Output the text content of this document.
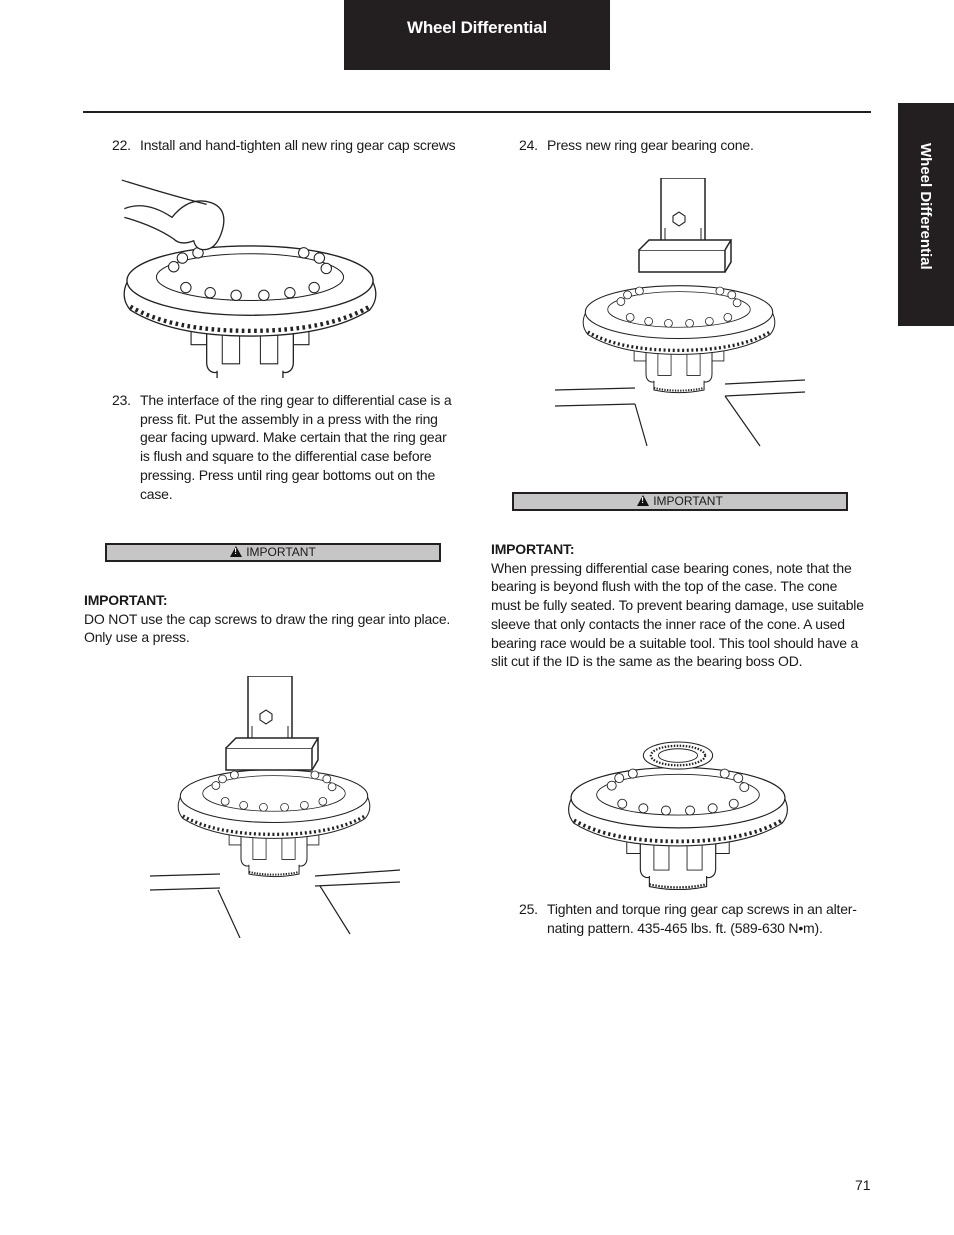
Wheel Differential
Wheel Differential
22. Install and hand-tighten all new ring gear cap screws
23. The interface of the ring gear to differential case is a
press fit. Put the assembly in a press with the ring
gear facing upward. Make certain that the ring gear
is flush and square to the differential case before
pressing. Press until ring gear bottoms out on the
case.
!IMPORTANT
IMPORTANT:
DO NOT use the cap screws to draw the ring gear into place.
Only use a press.
24. Press new ring gear bearing cone.
!IMPORTANT
IMPORTANT:
When pressing differential case bearing cones, note that the
bearing is beyond flush with the top of the case. The cone
must be fully seated. To prevent bearing damage, use suitable
sleeve that only contacts the inner race of the cone. A used
bearing race would be a suitable tool. This tool should have a
slit cut if the ID is the same as the bearing boss OD.
25. Tighten and torque ring gear cap screws in an alter-
nating pattern. 435-465 lbs. ft. (589-630 N•m).
71
